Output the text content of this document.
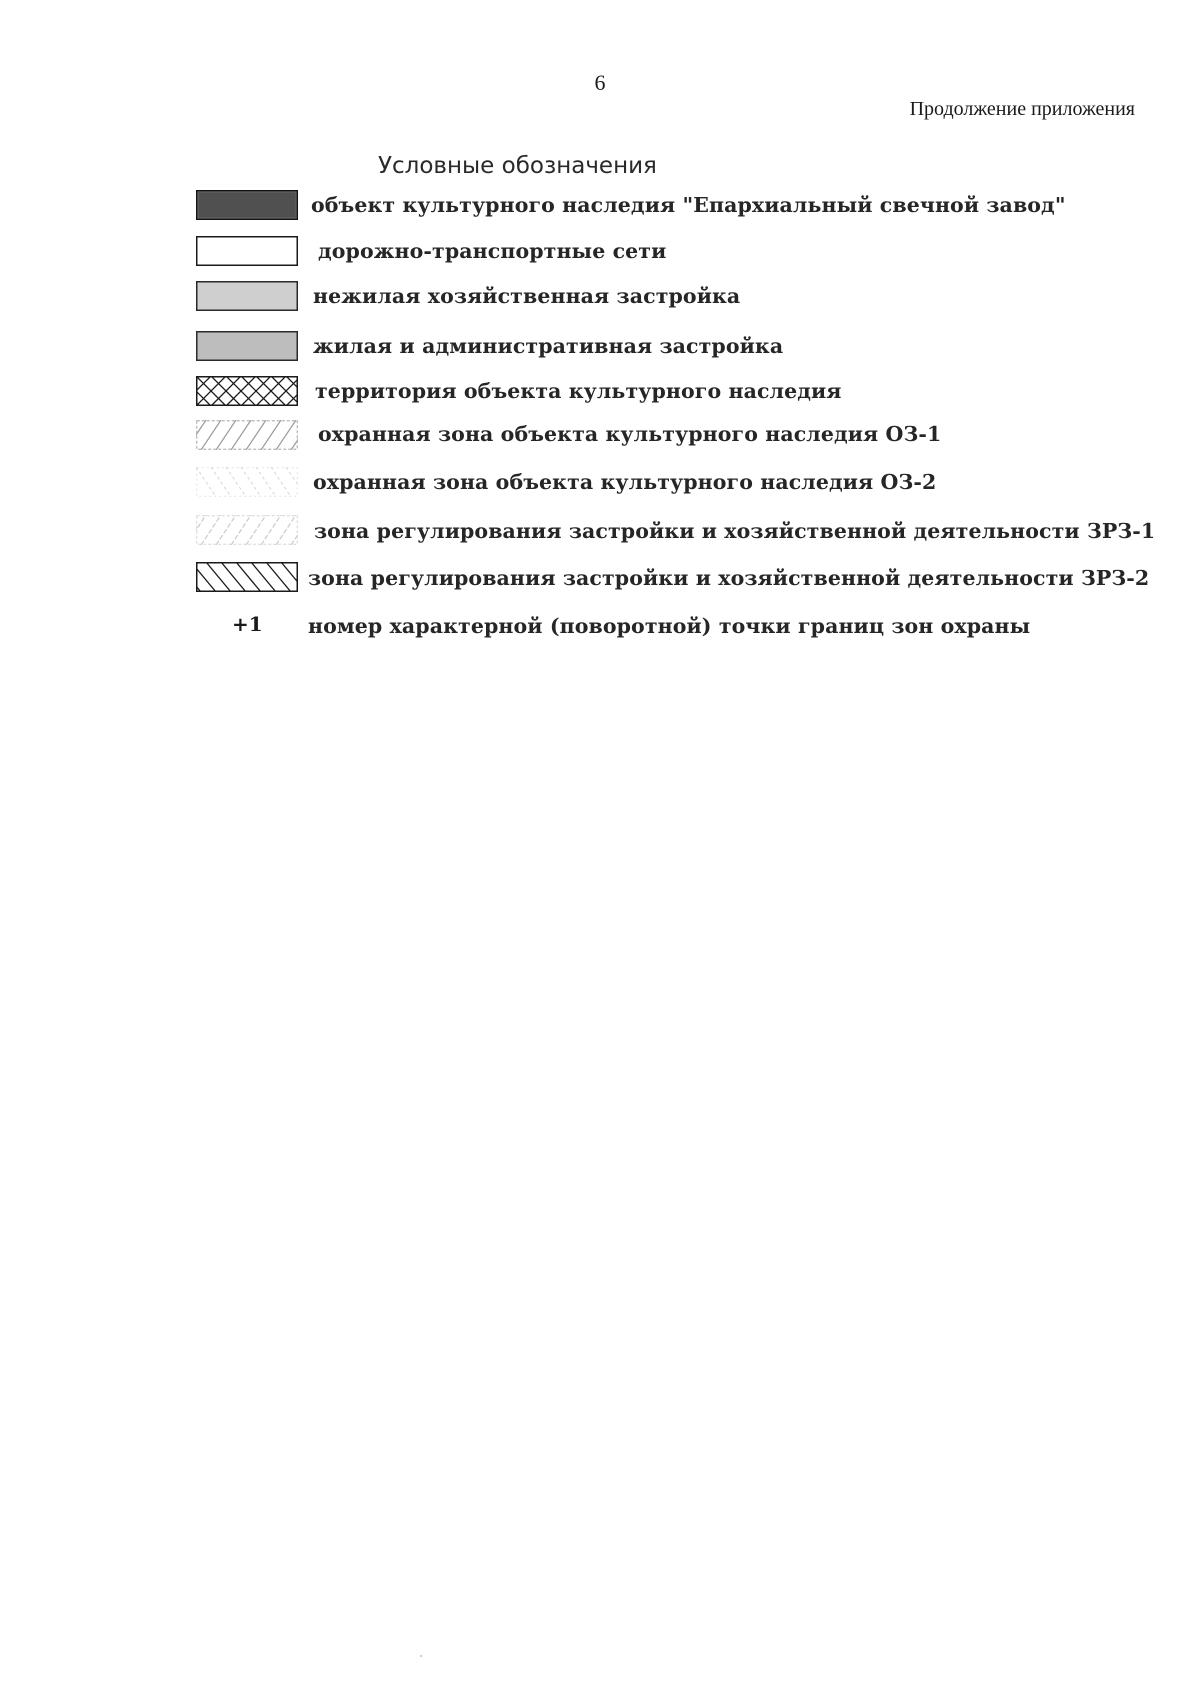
6
Продолжение приложения
Условные обозначения
объект культурного наследия "Епархиальный свечной завод"
дорожно-транспортные сети
нежилая хозяйственная застройка
жилая и административная застройка
территория объекта культурного наследия
охранная зона объекта культурного наследия ОЗ-1
охранная зона объекта культурного наследия ОЗ-2
зона регулирования застройки и хозяйственной деятельности ЗРЗ-1
зона регулирования застройки и хозяйственной деятельности ЗРЗ-2
+1 номер характерной (поворотной) точки границ зон охраны
